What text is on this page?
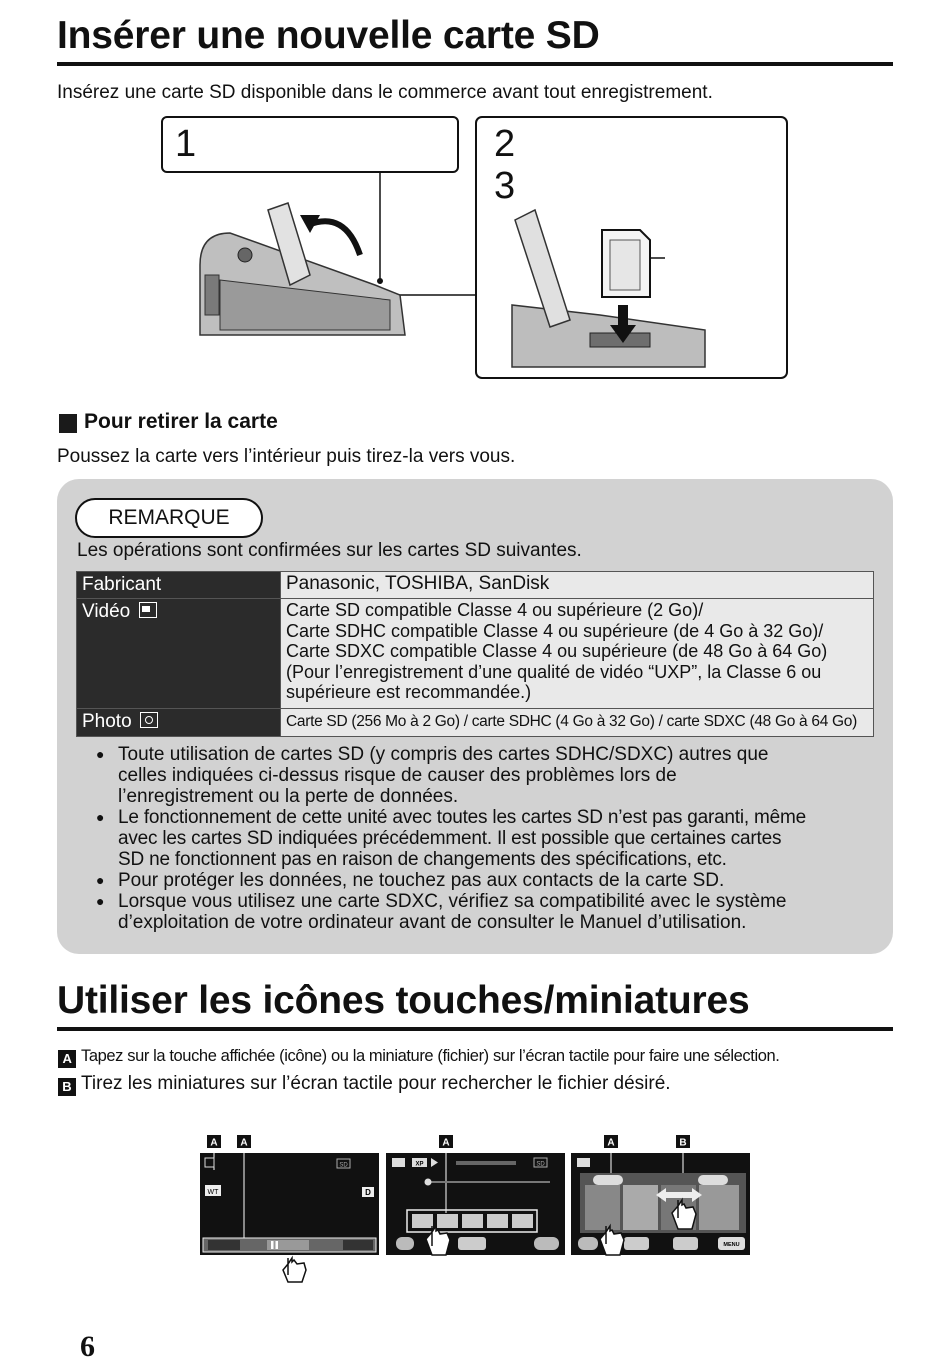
Insérer une nouvelle carte SD
Insérez une carte SD disponible dans le commerce avant tout enregistrement.
1	2
3
Pour retirer la carte
Poussez la carte vers l’intérieur puis tirez-la vers vous.
REMARQUE
Les opérations sont confirmées sur les cartes SD suivantes.
Fabricant	Panasonic, TOSHIBA, SanDisk
Vidéo	Carte SD compatible Classe 4 ou supérieure (2 Go)/
Carte SDHC compatible Classe 4 ou supérieure (de 4 Go à 32 Go)/
Carte SDXC compatible Classe 4 ou supérieure (de 48 Go à 64 Go)
(Pour l’enregistrement d’une qualité de vidéo “UXP”, la Classe 6 ou
supérieure est recommandée.)

Photo	Carte SD (256 Mo à 2 Go) / carte SDHC (4 Go à 32 Go) / carte SDXC (48 Go à 64 Go)
● Toute utilisation de cartes SD (y compris des cartes SDHC/SDXC) autres que
celles indiquées ci-dessus risque de causer des problèmes lors de
l’enregistrement ou la perte de données.
● Le fonctionnement de cette unité avec toutes les cartes SD n’est pas garanti, même
avec les cartes SD indiquées précédemment. Il est possible que certaines cartes
SD ne fonctionnent pas en raison de changements des spécifications, etc.
● Pour protéger les données, ne touchez pas aux contacts de la carte SD.
● Lorsque vous utilisez une carte SDXC, vérifiez sa compatibilité avec le système
d’exploitation de votre ordinateur avant de consulter le Manuel d’utilisation.
Utiliser les icônes touches/miniatures
A Tapez sur la touche affichée (icône) ou la miniature (fichier) sur l’écran tactile pour faire une sélection.
B Tirez les miniatures sur l’écran tactile pour rechercher le fichier désiré.
A A	A	A	B
WT
SD
D
XP	SD
MENU
6
